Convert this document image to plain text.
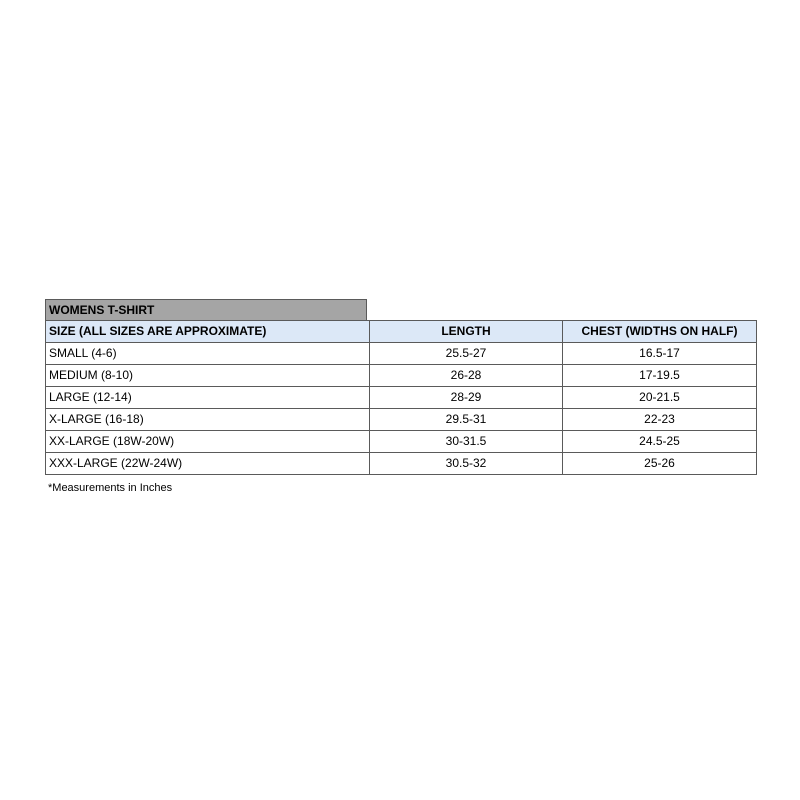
WOMENS T-SHIRT
SIZE (ALL SIZES ARE APPROXIMATE)	LENGTH	CHEST (WIDTHS ON HALF)
SMALL (4-6)	25.5-27	16.5-17
MEDIUM (8-10)	26-28	17-19.5
LARGE (12-14)	28-29	20-21.5
X-LARGE (16-18)	29.5-31	22-23
XX-LARGE (18W-20W)	30-31.5	24.5-25
XXX-LARGE (22W-24W)	30.5-32	25-26
*Measurements in Inches
